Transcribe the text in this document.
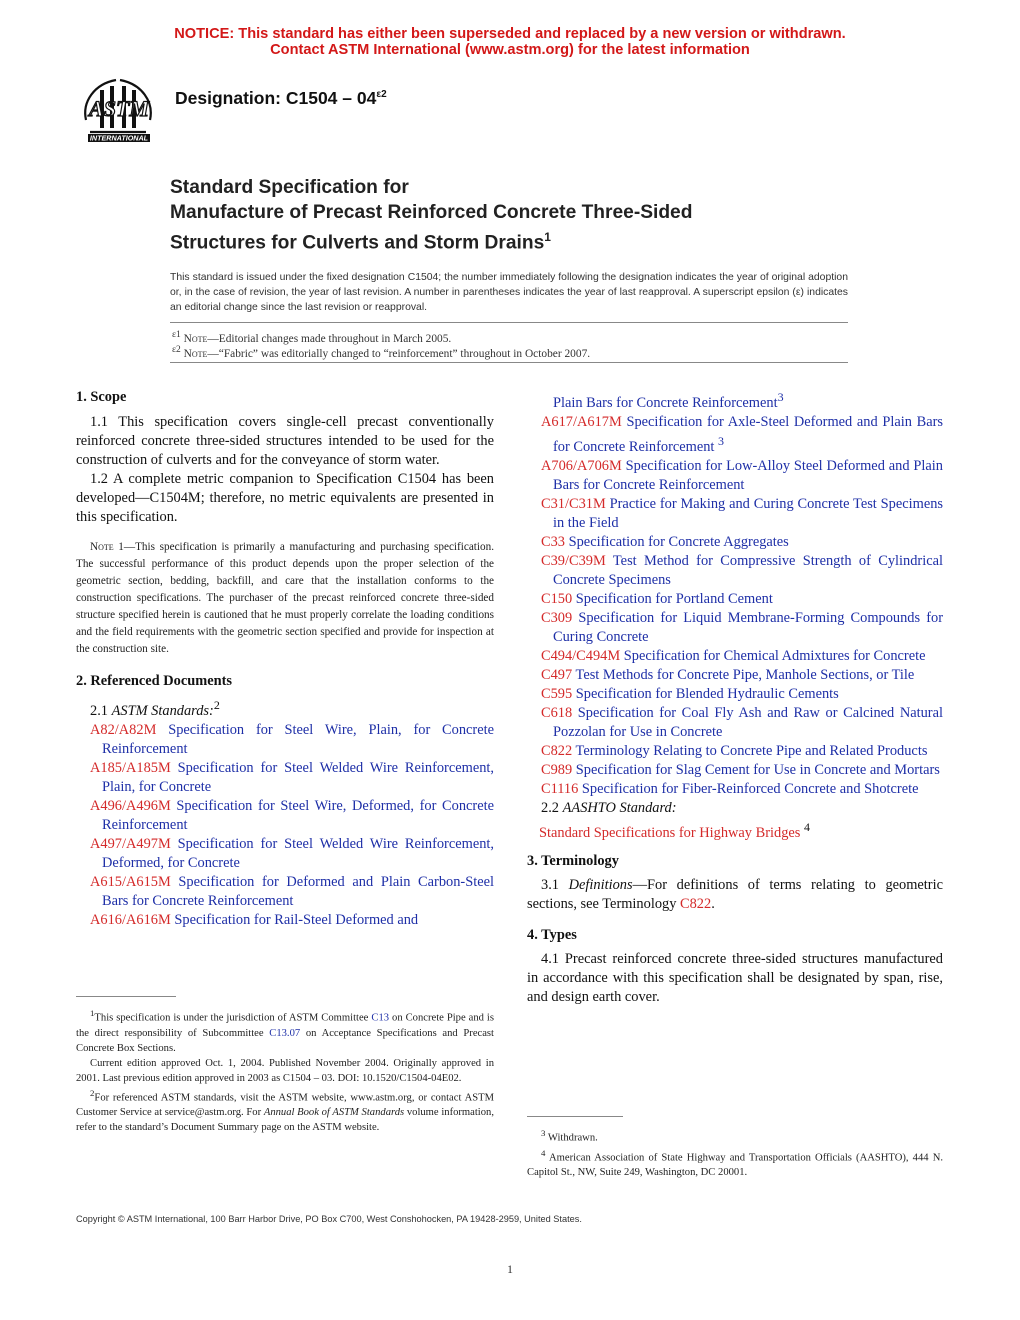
NOTICE: This standard has either been superseded and replaced by a new version or withdrawn.
Contact ASTM International (www.astm.org) for the latest information
ASTM
INTERNATIONAL
Designation: $C1504 - 04^{\varepsilon 2}$
Standard Specification for
Manufacture of Precast Reinforced Concrete Three-Sided
Structures for Culverts and Storm Drains$^1$
This standard is issued under the fixed designation C1504; the number immediately following the designation indicates the year of original adoption or, in the case of revision, the year of last revision. A number in parentheses indicates the year of last reapproval. A superscript epsilon (ε) indicates an editorial change since the last revision or reapproval.
$^{\varepsilon 1}$ Note—Editorial changes made throughout in March 2005.
$^{\varepsilon 2}$ Note—“Fabric” was editorially changed to “reinforcement” throughout in October 2007.
1. Scope

1.1 This specification covers single-cell precast conventionally reinforced concrete three-sided structures intended to be used for the construction of culverts and for the conveyance of storm water.

1.2 A complete metric companion to Specification C1504 has been developed—C1504M; therefore, no metric equivalents are presented in this specification.

Note 1—This specification is primarily a manufacturing and purchasing specification. The successful performance of this product depends upon the proper selection of the geometric section, bedding, backfill, and care that the installation conforms to the construction specifications. The purchaser of the precast reinforced concrete three-sided structure specified herein is cautioned that he must properly correlate the loading conditions and the field requirements with the geometric section specified and provide for inspection at the construction site.

2. Referenced Documents

2.1 ASTM Standards:$^2$

A82/A82M Specification for Steel Wire, Plain, for Concrete Reinforcement

A185/A185M Specification for Steel Welded Wire Reinforcement, Plain, for Concrete

A496/A496M Specification for Steel Wire, Deformed, for Concrete Reinforcement

A497/A497M Specification for Steel Welded Wire Reinforcement, Deformed, for Concrete

A615/A615M Specification for Deformed and Plain Carbon-Steel Bars for Concrete Reinforcement

A616/A616M Specification for Rail-Steel Deformed and

$^1$This specification is under the jurisdiction of ASTM Committee C13 on Concrete Pipe and is the direct responsibility of Subcommittee C13.07 on Acceptance Specifications and Precast Concrete Box Sections.
Current edition approved Oct. 1, 2004. Published November 2004. Originally approved in 2001. Last previous edition approved in 2003 as C1504 – 03. DOI: 10.1520/C1504-04E02.
$^2$For referenced ASTM standards, visit the ASTM website, www.astm.org, or contact ASTM Customer Service at service@astm.org. For Annual Book of ASTM Standards volume information, refer to the standard’s Document Summary page on the ASTM website.

Plain Bars for Concrete Reinforcement$^3$

A617/A617M Specification for Axle-Steel Deformed and Plain Bars for Concrete Reinforcement $^3$

A706/A706M Specification for Low-Alloy Steel Deformed and Plain Bars for Concrete Reinforcement

C31/C31M Practice for Making and Curing Concrete Test Specimens in the Field

C33 Specification for Concrete Aggregates

C39/C39M Test Method for Compressive Strength of Cylindrical Concrete Specimens

C150 Specification for Portland Cement

C309 Specification for Liquid Membrane-Forming Compounds for Curing Concrete

C494/C494M Specification for Chemical Admixtures for Concrete

C497 Test Methods for Concrete Pipe, Manhole Sections, or Tile

C595 Specification for Blended Hydraulic Cements

C618 Specification for Coal Fly Ash and Raw or Calcined Natural Pozzolan for Use in Concrete

C822 Terminology Relating to Concrete Pipe and Related Products

C989 Specification for Slag Cement for Use in Concrete and Mortars

C1116 Specification for Fiber-Reinforced Concrete and Shotcrete

2.2 AASHTO Standard:

Standard Specifications for Highway Bridges $^4$

3. Terminology

3.1 Definitions—For definitions of terms relating to geometric sections, see Terminology C822.

4. Types

4.1 Precast reinforced concrete three-sided structures manufactured in accordance with this specification shall be designated by span, rise, and design earth cover.

$^3$ Withdrawn.
$^4$ American Association of State Highway and Transportation Officials (AASHTO), 444 N. Capitol St., NW, Suite 249, Washington, DC 20001.
Copyright © ASTM International, 100 Barr Harbor Drive, PO Box C700, West Conshohocken, PA 19428-2959, United States.
1
